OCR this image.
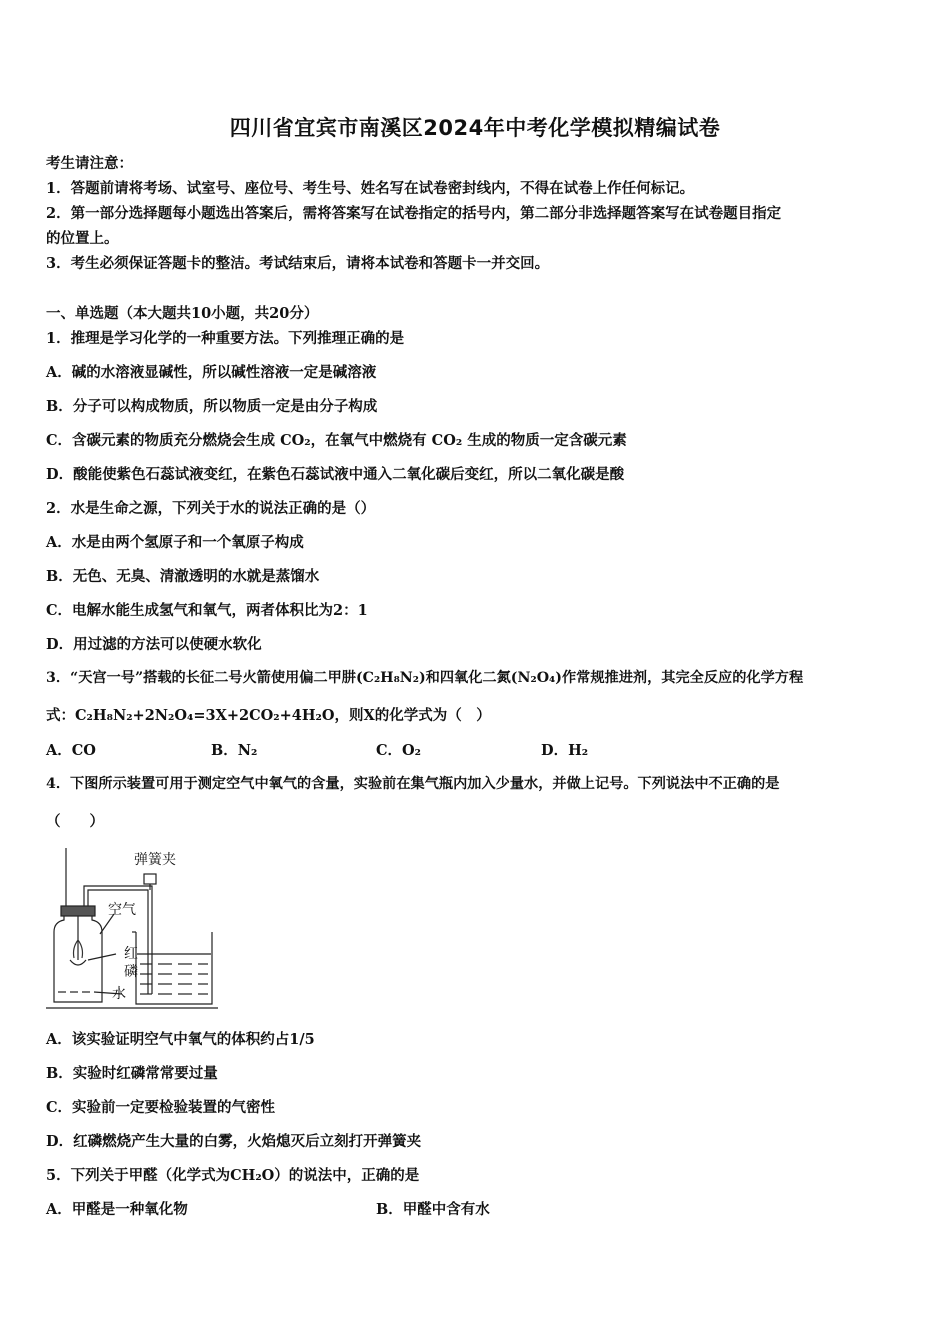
四川省宜宾市南溪区2024年中考化学模拟精编试卷
考生请注意：
1．答题前请将考场、试室号、座位号、考生号、姓名写在试卷密封线内，不得在试卷上作任何标记。
2．第一部分选择题每小题选出答案后，需将答案写在试卷指定的括号内，第二部分非选择题答案写在试卷题目指定
的位置上。
3．考生必须保证答题卡的整洁。考试结束后，请将本试卷和答题卡一并交回。
一、单选题（本大题共10小题，共20分）
1．推理是学习化学的一种重要方法。下列推理正确的是
A．碱的水溶液显碱性，所以碱性溶液一定是碱溶液
B．分子可以构成物质，所以物质一定是由分子构成
C．含碳元素的物质充分燃烧会生成 CO₂，在氧气中燃烧有 CO₂ 生成的物质一定含碳元素
D．酸能使紫色石蕊试液变红，在紫色石蕊试液中通入二氧化碳后变红，所以二氧化碳是酸
2．水是生命之源，下列关于水的说法正确的是（）
A．水是由两个氢原子和一个氧原子构成
B．无色、无臭、清澈透明的水就是蒸馏水
C．电解水能生成氢气和氧气，两者体积比为2：1
D．用过滤的方法可以使硬水软化
3．“天宫一号”搭载的长征二号火箭使用偏二甲肼(C₂H₈N₂)和四氧化二氮(N₂O₄)作常规推进剂，其完全反应的化学方程
式：C₂H₈N₂+2N₂O₄=3X+2CO₂+4H₂O，则X的化学式为（　）
A．CO	B．N₂	C．O₂	D．H₂
4．下图所示装置可用于测定空气中氧气的含量，实验前在集气瓶内加入少量水，并做上记号。下列说法中不正确的是
（　　）
弹簧夹
空气
红
磷
水
A．该实验证明空气中氧气的体积约占1/5
B．实验时红磷常常要过量
C．实验前一定要检验装置的气密性
D．红磷燃烧产生大量的白雾，火焰熄灭后立刻打开弹簧夹
5．下列关于甲醛（化学式为CH₂O）的说法中，正确的是
A．甲醛是一种氧化物	B．甲醛中含有水
